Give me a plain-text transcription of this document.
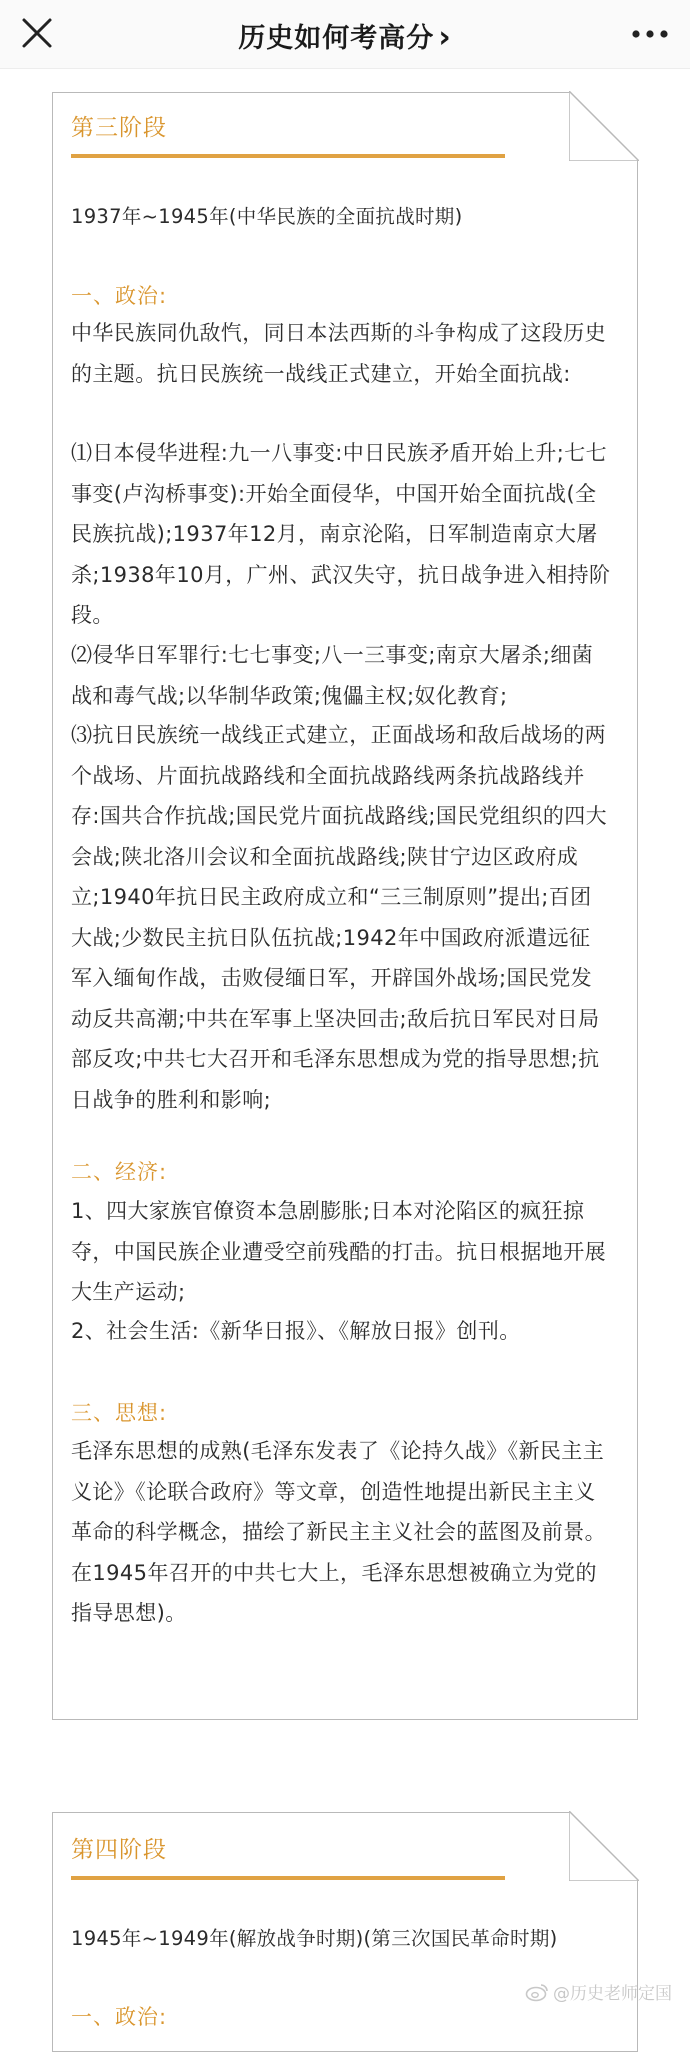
历史如何考高分 ›
第三阶段
1937年~1945年(中华民族的全面抗战时期)
一、政治:

中华民族同仇敌忾，同日本法西斯的斗争构成了这段历史的主题。抗日民族统一战线正式建立，开始全面抗战:

⑴日本侵华进程:九一八事变:中日民族矛盾开始上升;七七事变(卢沟桥事变):开始全面侵华，中国开始全面抗战(全民族抗战);1937年12月，南京沦陷，日军制造南京大屠杀;1938年10月，广州、武汉失守，抗日战争进入相持阶段。

⑵侵华日军罪行:七七事变;八一三事变;南京大屠杀;细菌战和毒气战;以华制华政策;傀儡主权;奴化教育;

⑶抗日民族统一战线正式建立，正面战场和敌后战场的两个战场、片面抗战路线和全面抗战路线两条抗战路线并存:国共合作抗战;国民党片面抗战路线;国民党组织的四大会战;陕北洛川会议和全面抗战路线;陕甘宁边区政府成立;1940年抗日民主政府成立和“三三制原则”提出;百团大战;少数民主抗日队伍抗战;1942年中国政府派遣远征军入缅甸作战，击败侵缅日军，开辟国外战场;国民党发动反共高潮;中共在军事上坚决回击;敌后抗日军民对日局部反攻;中共七大召开和毛泽东思想成为党的指导思想;抗日战争的胜利和影响;

二、经济:

1、四大家族官僚资本急剧膨胀;日本对沦陷区的疯狂掠夺，中国民族企业遭受空前残酷的打击。抗日根据地开展大生产运动;

2、社会生活:《新华日报》、《解放日报》创刊。

三、思想:

毛泽东思想的成熟(毛泽东发表了《论持久战》《新民主主义论》《论联合政府》等文章，创造性地提出新民主主义革命的科学概念，描绘了新民主主义社会的蓝图及前景。在1945年召开的中共七大上，毛泽东思想被确立为党的指导思想)。

第四阶段
1945年~1949年(解放战争时期)(第三次国民革命时期)
一、政治:
@历史老师定国
